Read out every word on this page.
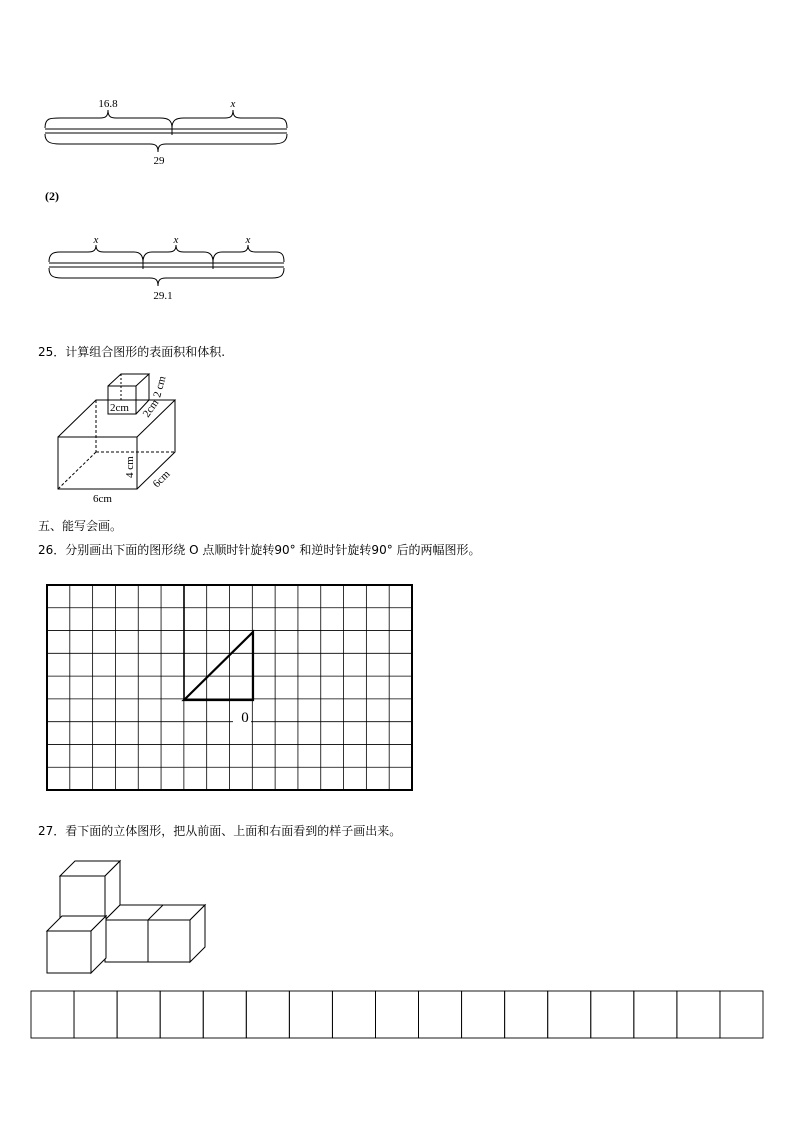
16.8	x
29
(2)
x	x	x
29.1
25．计算组合图形的表面积和体积.
2cm
2 cm
2cm
4 cm
6cm
6cm
五、能写会画。
26．分别画出下面的图形绕 O 点顺时针旋转90° 和逆时针旋转90° 后的两幅图形。
0
27．看下面的立体图形，把从前面、上面和右面看到的样子画出来。
